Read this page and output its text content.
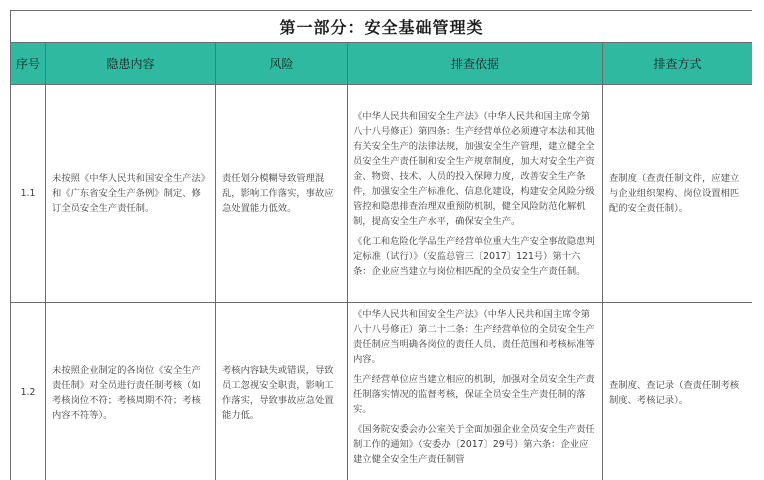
第一部分：安全基础管理类				
序号	隐患内容	风险	排查依据	排查方式
1.1	未按照《中华人民共和国安全生产法》和《广东省安全生产条例》制定、修订全员安全生产责任制。	责任划分模糊导致管理混乱，影响工作落实，事故应急处置能力低效。	《中华人民共和国安全生产法》（中华人民共和国主席令第八十八号修正）第四条：生产经营单位必须遵守本法和其他有关安全生产的法律法规，加强安全生产管理，建立健全全员安全生产责任制和安全生产规章制度，加大对安全生产资金、物资、技术、人员的投入保障力度，改善安全生产条件，加强安全生产标准化、信息化建设，构建安全风险分级管控和隐患排查治理双重预防机制，健全风险防范化解机制，提高安全生产水平，确保安全生产。

《化工和危险化学品生产经营单位重大生产安全事故隐患判定标准（试行）》（安监总管三〔2017〕121号）第十六条：企业应当建立与岗位相匹配的全员安全生产责任制。	查制度（查责任制文件，应建立与企业组织架构、岗位设置相匹配的安全责任制）。
1.2	未按照企业制定的各岗位《安全生产责任制》对全员进行责任制考核（如考核岗位不符；考核周期不符；考核内容不符等）。	考核内容缺失或错误，导致员工忽视安全职责，影响工作落实，导致事故应急处置能力低。	《中华人民共和国安全生产法》（中华人民共和国主席令第八十八号修正）第二十二条：生产经营单位的全员安全生产责任制应当明确各岗位的责任人员、责任范围和考核标准等内容。

生产经营单位应当建立相应的机制，加强对全员安全生产责任制落实情况的监督考核，保证全员安全生产责任制的落实。

《国务院安委会办公室关于全面加强企业全员安全生产责任制工作的通知》（安委办〔2017〕29号）第六条：企业应建立健全安全生产责任制管	查制度、查记录（查责任制考核制度、考核记录）。
